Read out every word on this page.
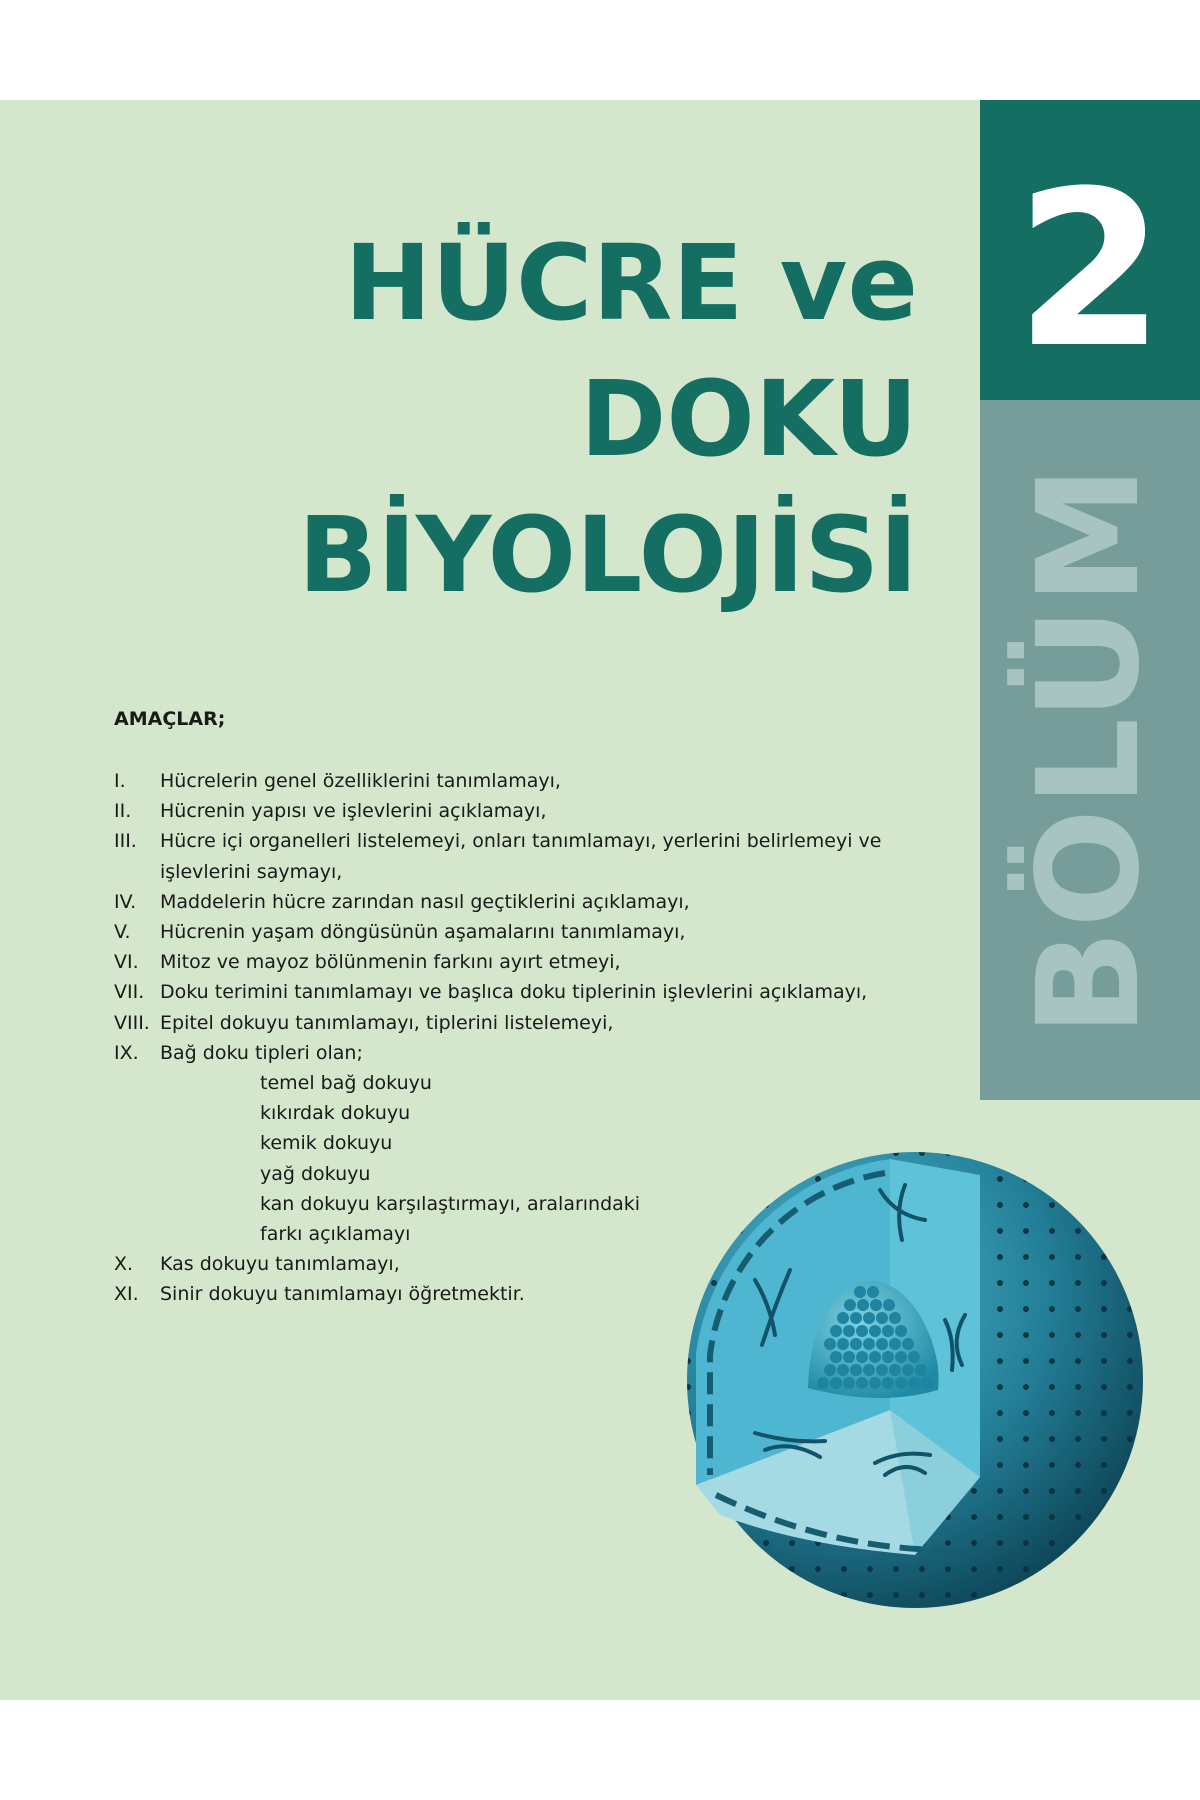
2
BÖLÜM
HÜCRE ve
DOKU
BİYOLOJİSİ
AMAÇLAR;
I. Hücrelerin genel özelliklerini tanımlamayı,
II. Hücrenin yapısı ve işlevlerini açıklamayı,
III. Hücre içi organelleri listelemeyi, onları tanımlamayı, yerlerini belirlemeyi ve işlevlerini saymayı,
IV. Maddelerin hücre zarından nasıl geçtiklerini açıklamayı,
V. Hücrenin yaşam döngüsünün aşamalarını tanımlamayı,
VI. Mitoz ve mayoz bölünmenin farkını ayırt etmeyi,
VII. Doku terimini tanımlamayı ve başlıca doku tiplerinin işlevlerini açıklamayı,
VIII. Epitel dokuyu tanımlamayı, tiplerini listelemeyi,
IX. Bağ doku tipleri olan;
temel bağ dokuyu
kıkırdak dokuyu
kemik dokuyu
yağ dokuyu
kan dokuyu karşılaştırmayı, aralarındaki
farkı açıklamayı
X. Kas dokuyu tanımlamayı,
XI. Sinir dokuyu tanımlamayı öğretmektir.
